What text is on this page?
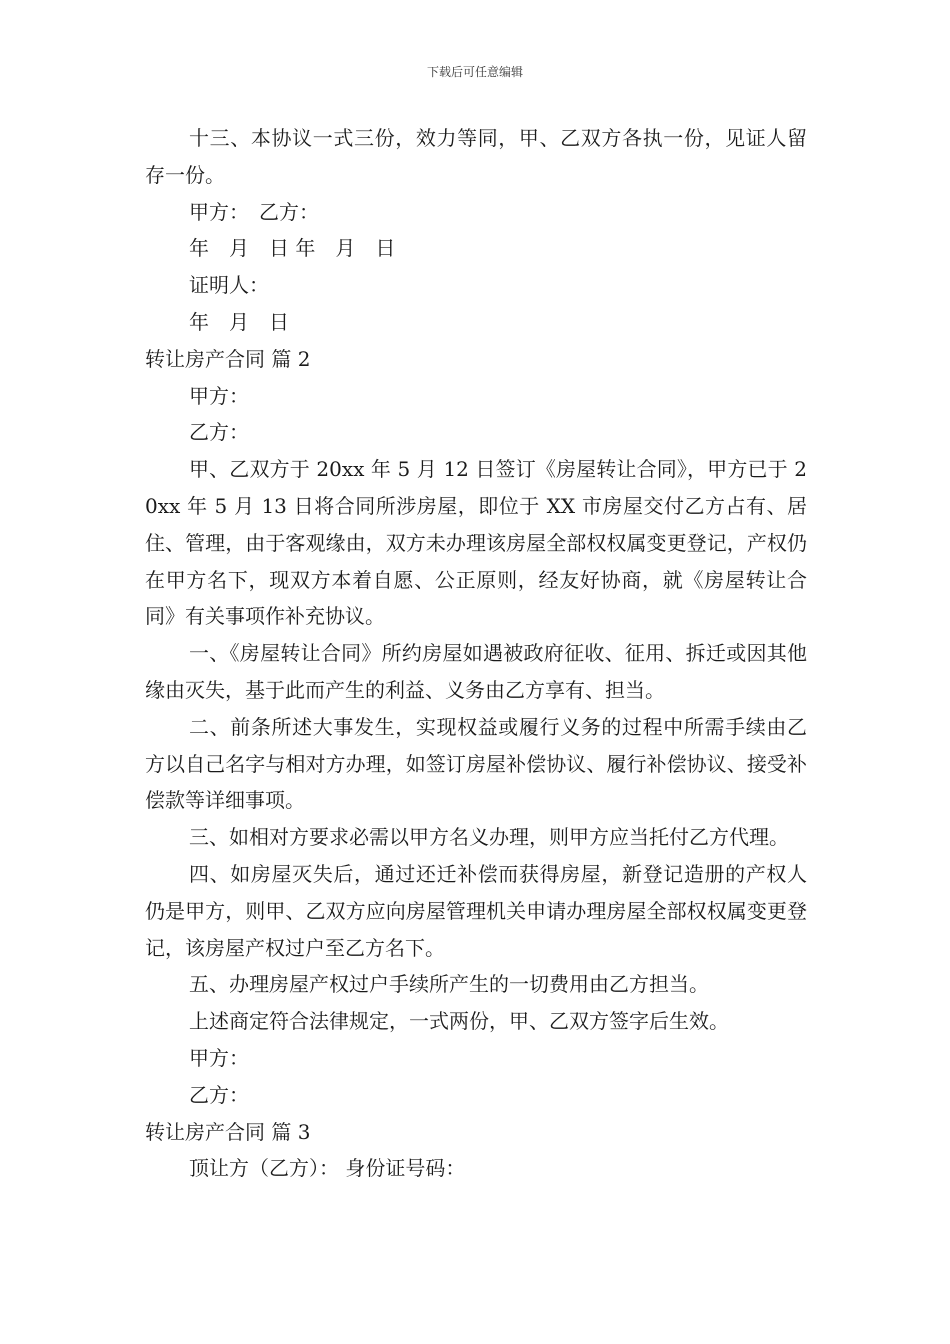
下载后可任意编辑

十三、本协议一式三份，效力等同，甲、乙双方各执一份，见证人留存一份。

甲方：　乙方：

年　月　日 年　月　日

证明人：

年　月　日

转让房产合同 篇 2

甲方：

乙方：

甲、乙双方于 20xx 年 5 月 12 日签订《房屋转让合同》，甲方已于 20xx 年 5 月 13 日将合同所涉房屋，即位于 XX 市房屋交付乙方占有、居住、管理，由于客观缘由，双方未办理该房屋全部权权属变更登记，产权仍在甲方名下，现双方本着自愿、公正原则，经友好协商，就《房屋转让合同》有关事项作补充协议。

一、《房屋转让合同》所约房屋如遇被政府征收、征用、拆迁或因其他缘由灭失，基于此而产生的利益、义务由乙方享有、担当。

二、前条所述大事发生，实现权益或履行义务的过程中所需手续由乙方以自己名字与相对方办理，如签订房屋补偿协议、履行补偿协议、接受补偿款等详细事项。

三、如相对方要求必需以甲方名义办理，则甲方应当托付乙方代理。

四、如房屋灭失后，通过还迁补偿而获得房屋，新登记造册的产权人仍是甲方，则甲、乙双方应向房屋管理机关申请办理房屋全部权权属变更登记，该房屋产权过户至乙方名下。

五、办理房屋产权过户手续所产生的一切费用由乙方担当。

上述商定符合法律规定，一式两份，甲、乙双方签字后生效。

甲方：

乙方：

转让房产合同 篇 3

顶让方（乙方）： 身份证号码：
